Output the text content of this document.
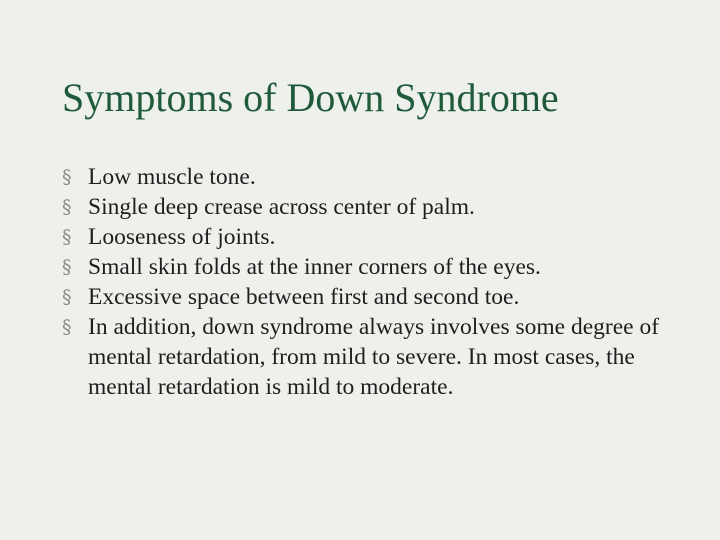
Symptoms of Down Syndrome
§ Low muscle tone.
§ Single deep crease across center of palm.
§ Looseness of joints.
§ Small skin folds at the inner corners of the eyes.
§ Excessive space between first and second toe.
§ In addition, down syndrome always involves some degree of mental retardation, from mild to severe. In most cases, the mental retardation is mild to moderate.
